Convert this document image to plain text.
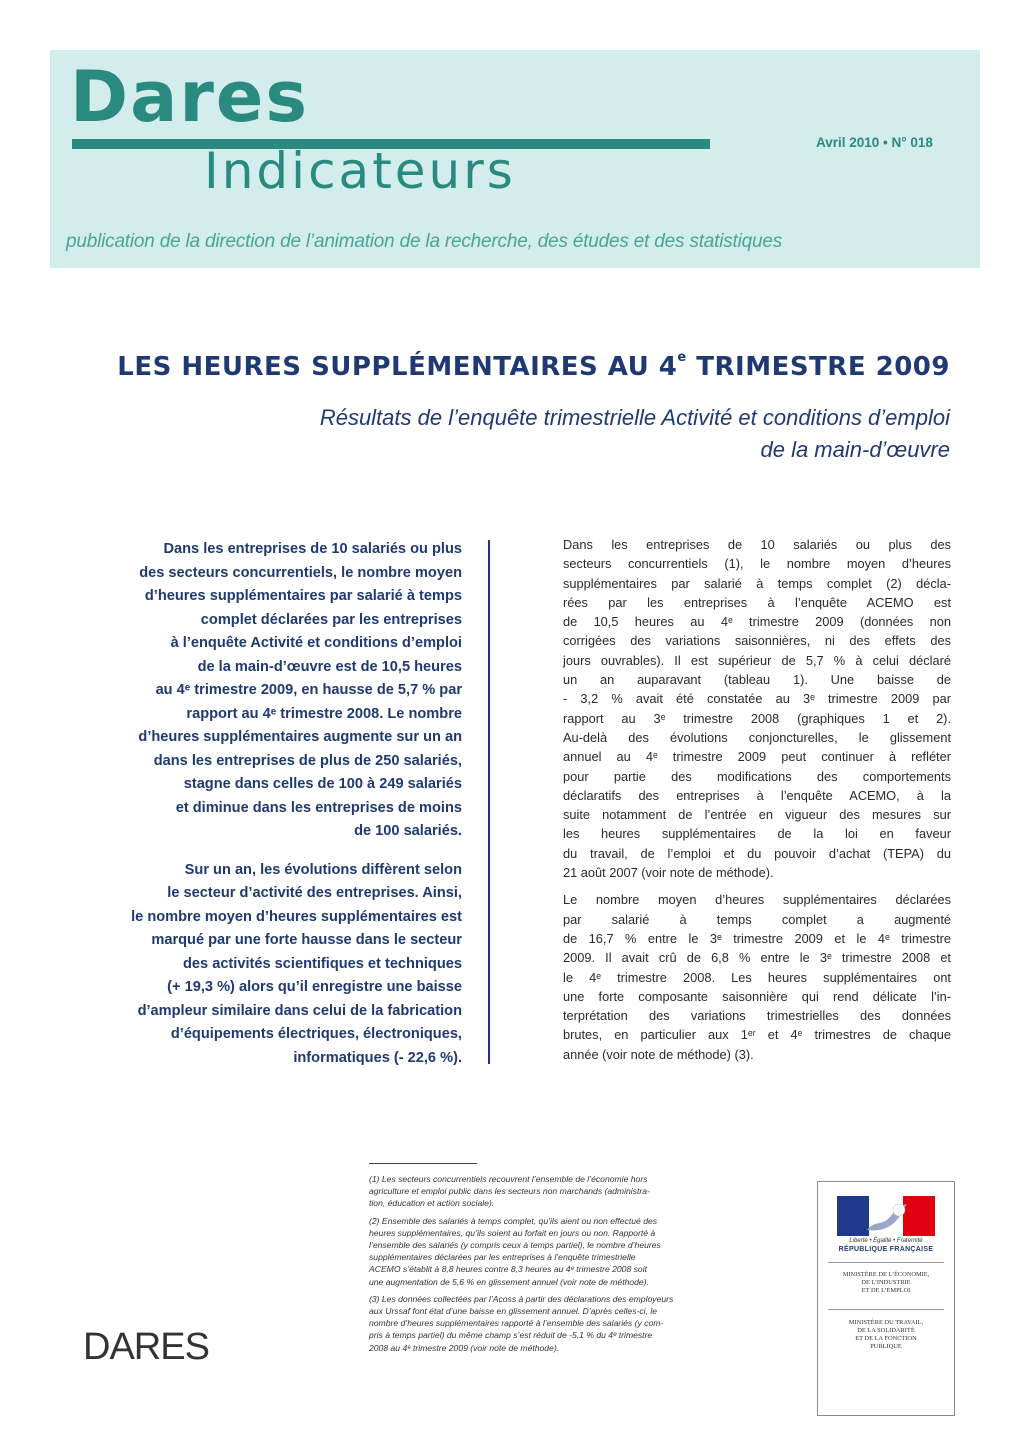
Dares
Indicateurs	Avril 2010 • N° 018
publication de la direction de l’animation de la recherche, des études et des statistiques
LES HEURES SUPPLÉMENTAIRES AU 4e TRIMESTRE 2009
Résultats de l’enquête trimestrielle Activité et conditions d’emploi
de la main-d’œuvre

Dans les entreprises de 10 salariés ou plus
des secteurs concurrentiels, le nombre moyen
d’heures supplémentaires par salarié à temps
complet déclarées par les entreprises
à l’enquête Activité et conditions d’emploi
de la main-d’œuvre est de 10,5 heures
au 4ᵉ trimestre 2009, en hausse de 5,7 % par
rapport au 4ᵉ trimestre 2008. Le nombre
d’heures supplémentaires augmente sur un an
dans les entreprises de plus de 250 salariés,
stagne dans celles de 100 à 249 salariés
et diminue dans les entreprises de moins
de 100 salariés.

Sur un an, les évolutions diffèrent selon
le secteur d’activité des entreprises. Ainsi,
le nombre moyen d’heures supplémentaires est
marqué par une forte hausse dans le secteur
des activités scientifiques et techniques
(+ 19,3 %) alors qu’il enregistre une baisse
d’ampleur similaire dans celui de la fabrication
d’équipements électriques, électroniques,
informatiques (- 22,6 %).

Dans les entreprises de 10 salariés ou plus des
secteurs concurrentiels (1), le nombre moyen d’heures
supplémentaires par salarié à temps complet (2) décla-
rées par les entreprises à l’enquête ACEMO est
de 10,5 heures au 4ᵉ trimestre 2009 (données non
corrigées des variations saisonnières, ni des effets des
jours ouvrables). Il est supérieur de 5,7 % à celui déclaré
un an auparavant (tableau 1). Une baisse de
- 3,2 % avait été constatée au 3ᵉ trimestre 2009 par
rapport au 3ᵉ trimestre 2008 (graphiques 1 et 2).
Au-delà des évolutions conjoncturelles, le glissement
annuel au 4ᵉ trimestre 2009 peut continuer à refléter
pour partie des modifications des comportements
déclaratifs des entreprises à l’enquête ACEMO, à la
suite notamment de l’entrée en vigueur des mesures sur
les heures supplémentaires de la loi en faveur
du travail, de l’emploi et du pouvoir d’achat (TEPA) du
21 août 2007 (voir note de méthode).

Le nombre moyen d’heures supplémentaires déclarées
par salarié à temps complet a augmenté
de 16,7 % entre le 3ᵉ trimestre 2009 et le 4ᵉ trimestre
2009. Il avait crû de 6,8 % entre le 3ᵉ trimestre 2008 et
le 4ᵉ trimestre 2008. Les heures supplémentaires ont
une forte composante saisonnière qui rend délicate l’in-
terprétation des variations trimestrielles des données
brutes, en particulier aux 1ᵉʳ et 4ᵉ trimestres de chaque
année (voir note de méthode) (3).

(1) Les secteurs concurrentiels recouvrent l’ensemble de l’économie hors
agriculture et emploi public dans les secteurs non marchands (administra-
tion, éducation et action sociale).

(2) Ensemble des salariés à temps complet, qu’ils aient ou non effectué des
heures supplémentaires, qu’ils soient au forfait en jours ou non. Rapporté à
l’ensemble des salariés (y compris ceux à temps partiel), le nombre d’heures
supplémentaires déclarées par les entreprises à l’enquête trimestrielle
ACEMO s’établit à 8,8 heures contre 8,3 heures au 4ᵉ trimestre 2008 soit
une augmentation de 5,6 % en glissement annuel (voir note de méthode).

(3) Les données collectées par l’Acoss à partir des déclarations des employeurs
aux Urssaf font état d’une baisse en glissement annuel. D’après celles-ci, le
nombre d’heures supplémentaires rapporté à l’ensemble des salariés (y com-
pris à temps partiel) du même champ s’est réduit de -5,1 % du 4ᵉ trimestre
2008 au 4ᵉ trimestre 2009 (voir note de méthode).

DARES
Liberté • Égalité • Fraternité
RÉPUBLIQUE FRANÇAISE
MINISTÈRE DE L’ÉCONOMIE,
DE L’INDUSTRIE
ET DE L’EMPLOI
MINISTÈRE DU TRAVAIL,
DE LA SOLIDARITÉ
ET DE LA FONCTION
PUBLIQUE
